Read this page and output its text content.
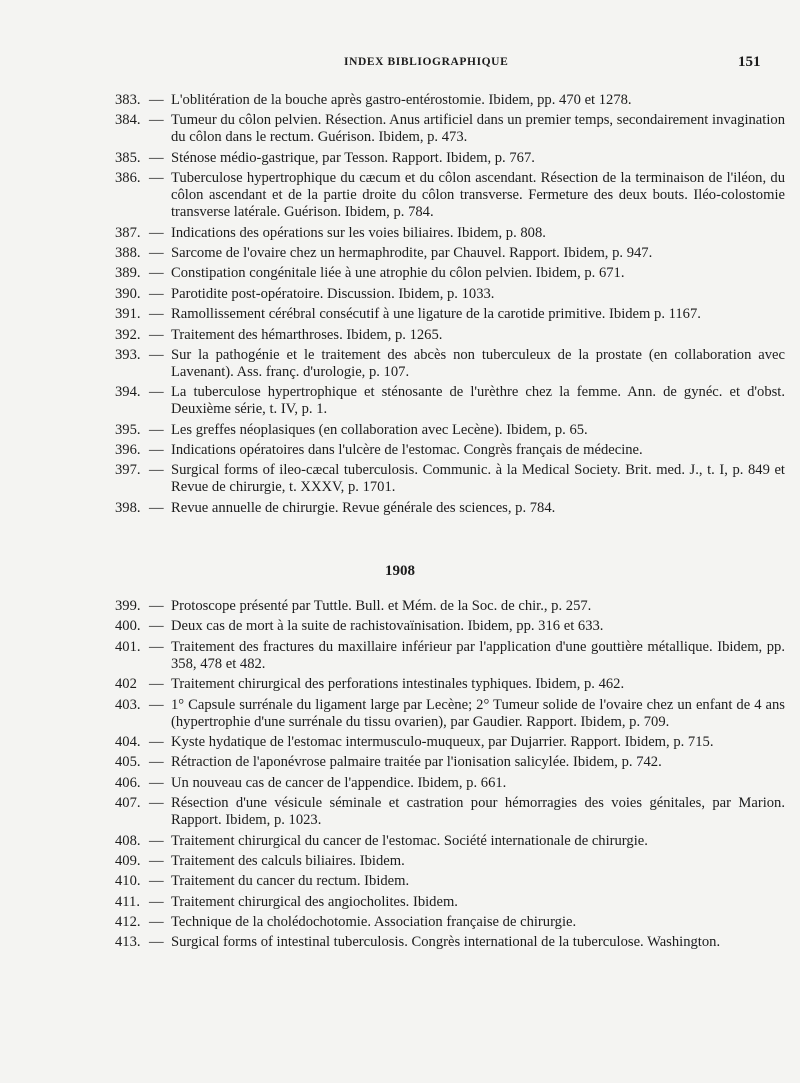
INDEX BIBLIOGRAPHIQUE	151
383. — L'oblitération de la bouche après gastro-entérostomie. Ibidem, pp. 470 et 1278.
384. — Tumeur du côlon pelvien. Résection. Anus artificiel dans un premier temps, secondairement invagination du côlon dans le rectum. Guérison. Ibidem, p. 473.
385. — Sténose médio-gastrique, par Tesson. Rapport. Ibidem, p. 767.
386. — Tuberculose hypertrophique du cæcum et du côlon ascendant. Résection de la terminaison de l'iléon, du côlon ascendant et de la partie droite du côlon transverse. Fermeture des deux bouts. Iléo-colostomie transverse latérale. Guérison. Ibidem, p. 784.
387. — Indications des opérations sur les voies biliaires. Ibidem, p. 808.
388. — Sarcome de l'ovaire chez un hermaphrodite, par Chauvel. Rapport. Ibidem, p. 947.
389. — Constipation congénitale liée à une atrophie du côlon pelvien. Ibidem, p. 671.
390. — Parotidite post-opératoire. Discussion. Ibidem, p. 1033.
391. — Ramollissement cérébral consécutif à une ligature de la carotide primitive. Ibidem p. 1167.
392. — Traitement des hémarthroses. Ibidem, p. 1265.
393. — Sur la pathogénie et le traitement des abcès non tuberculeux de la prostate (en collaboration avec Lavenant). Ass. franç. d'urologie, p. 107.
394. — La tuberculose hypertrophique et sténosante de l'urèthre chez la femme. Ann. de gynéc. et d'obst. Deuxième série, t. IV, p. 1.
395. — Les greffes néoplasiques (en collaboration avec Lecène). Ibidem, p. 65.
396. — Indications opératoires dans l'ulcère de l'estomac. Congrès français de médecine.
397. — Surgical forms of ileo-cæcal tuberculosis. Communic. à la Medical Society. Brit. med. J., t. I, p. 849 et Revue de chirurgie, t. XXXV, p. 1701.
398. — Revue annuelle de chirurgie. Revue générale des sciences, p. 784.
1908
399. — Protoscope présenté par Tuttle. Bull. et Mém. de la Soc. de chir., p. 257.
400. — Deux cas de mort à la suite de rachistovaïnisation. Ibidem, pp. 316 et 633.
401. — Traitement des fractures du maxillaire inférieur par l'application d'une gouttière métallique. Ibidem, pp. 358, 478 et 482.
402 — Traitement chirurgical des perforations intestinales typhiques. Ibidem, p. 462.
403. — 1° Capsule surrénale du ligament large par Lecène; 2° Tumeur solide de l'ovaire chez un enfant de 4 ans (hypertrophie d'une surrénale du tissu ovarien), par Gaudier. Rapport. Ibidem, p. 709.
404. — Kyste hydatique de l'estomac intermusculo-muqueux, par Dujarrier. Rapport. Ibidem, p. 715.
405. — Rétraction de l'aponévrose palmaire traitée par l'ionisation salicylée. Ibidem, p. 742.
406. — Un nouveau cas de cancer de l'appendice. Ibidem, p. 661.
407. — Résection d'une vésicule séminale et castration pour hémorragies des voies génitales, par Marion. Rapport. Ibidem, p. 1023.
408. — Traitement chirurgical du cancer de l'estomac. Société internationale de chirurgie.
409. — Traitement des calculs biliaires. Ibidem.
410. — Traitement du cancer du rectum. Ibidem.
411. — Traitement chirurgical des angiocholites. Ibidem.
412. — Technique de la cholédochotomie. Association française de chirurgie.
413. — Surgical forms of intestinal tuberculosis. Congrès international de la tuberculose. Washington.
